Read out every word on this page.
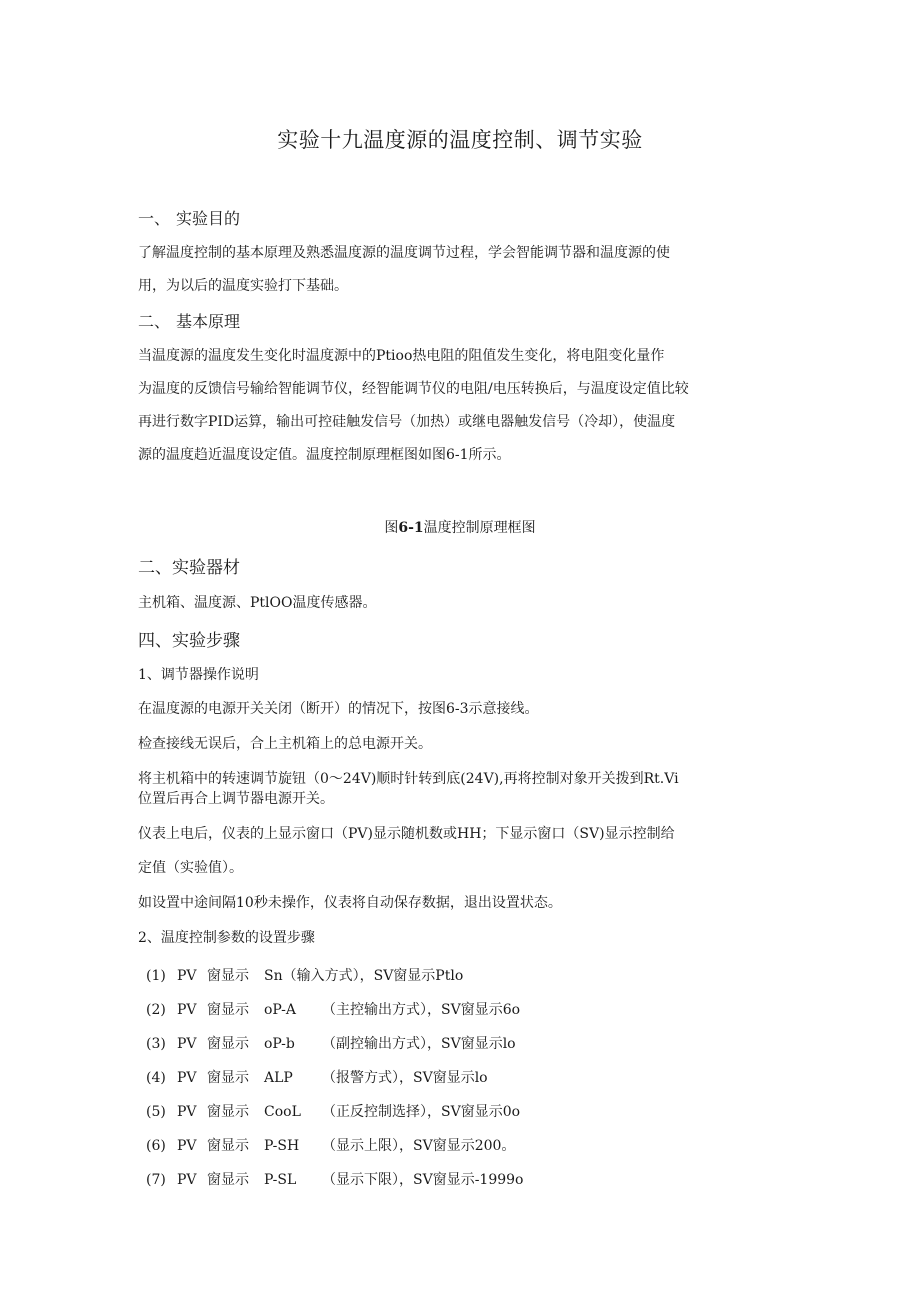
实验十九温度源的温度控制、调节实验
一、 实验目的
了解温度控制的基本原理及熟悉温度源的温度调节过程，学会智能调节器和温度源的使
用，为以后的温度实验打下基础。
二、 基本原理
当温度源的温度发生变化时温度源中的Ptioo热电阻的阻值发生变化，将电阻变化量作
为温度的反馈信号输给智能调节仪，经智能调节仪的电阻/电压转换后，与温度设定值比较
再进行数字PID运算，输出可控硅触发信号（加热）或继电器触发信号（冷却），使温度
源的温度趋近温度设定值。温度控制原理框图如图6-1所示。
图6-1温度控制原理框图
二、实验器材
主机箱、温度源、PtlOO温度传感器。
四、实验步骤
1、调节器操作说明
在温度源的电源开关关闭（断开）的情况下，按图6-3示意接线。
检查接线无误后，合上主机箱上的总电源开关。
将主机箱中的转速调节旋钮（0～24V)顺时针转到底(24V),再将控制对象开关拨到Rt.Vi
位置后再合上调节器电源开关。
仪表上电后，仪表的上显示窗口（PV)显示随机数或HH；下显示窗口（SV)显示控制给
定值（实验值）。
如设置中途间隔10秒未操作，仪表将自动保存数据，退出设置状态。
2、温度控制参数的设置步骤
(1) PV 窗显示 Sn（输入方式），SV窗显示Ptlo
(2) PV 窗显示 oP-A （主控输出方式），SV窗显示6o
(3) PV 窗显示 oP-b （副控输出方式），SV窗显示lo
(4) PV 窗显示 ALP （报警方式），SV窗显示lo
(5) PV 窗显示 CooL （正反控制选择），SV窗显示0o
(6) PV 窗显示 P-SH （显示上限），SV窗显示200。
(7) PV 窗显示 P-SL （显示下限），SV窗显示-1999o
